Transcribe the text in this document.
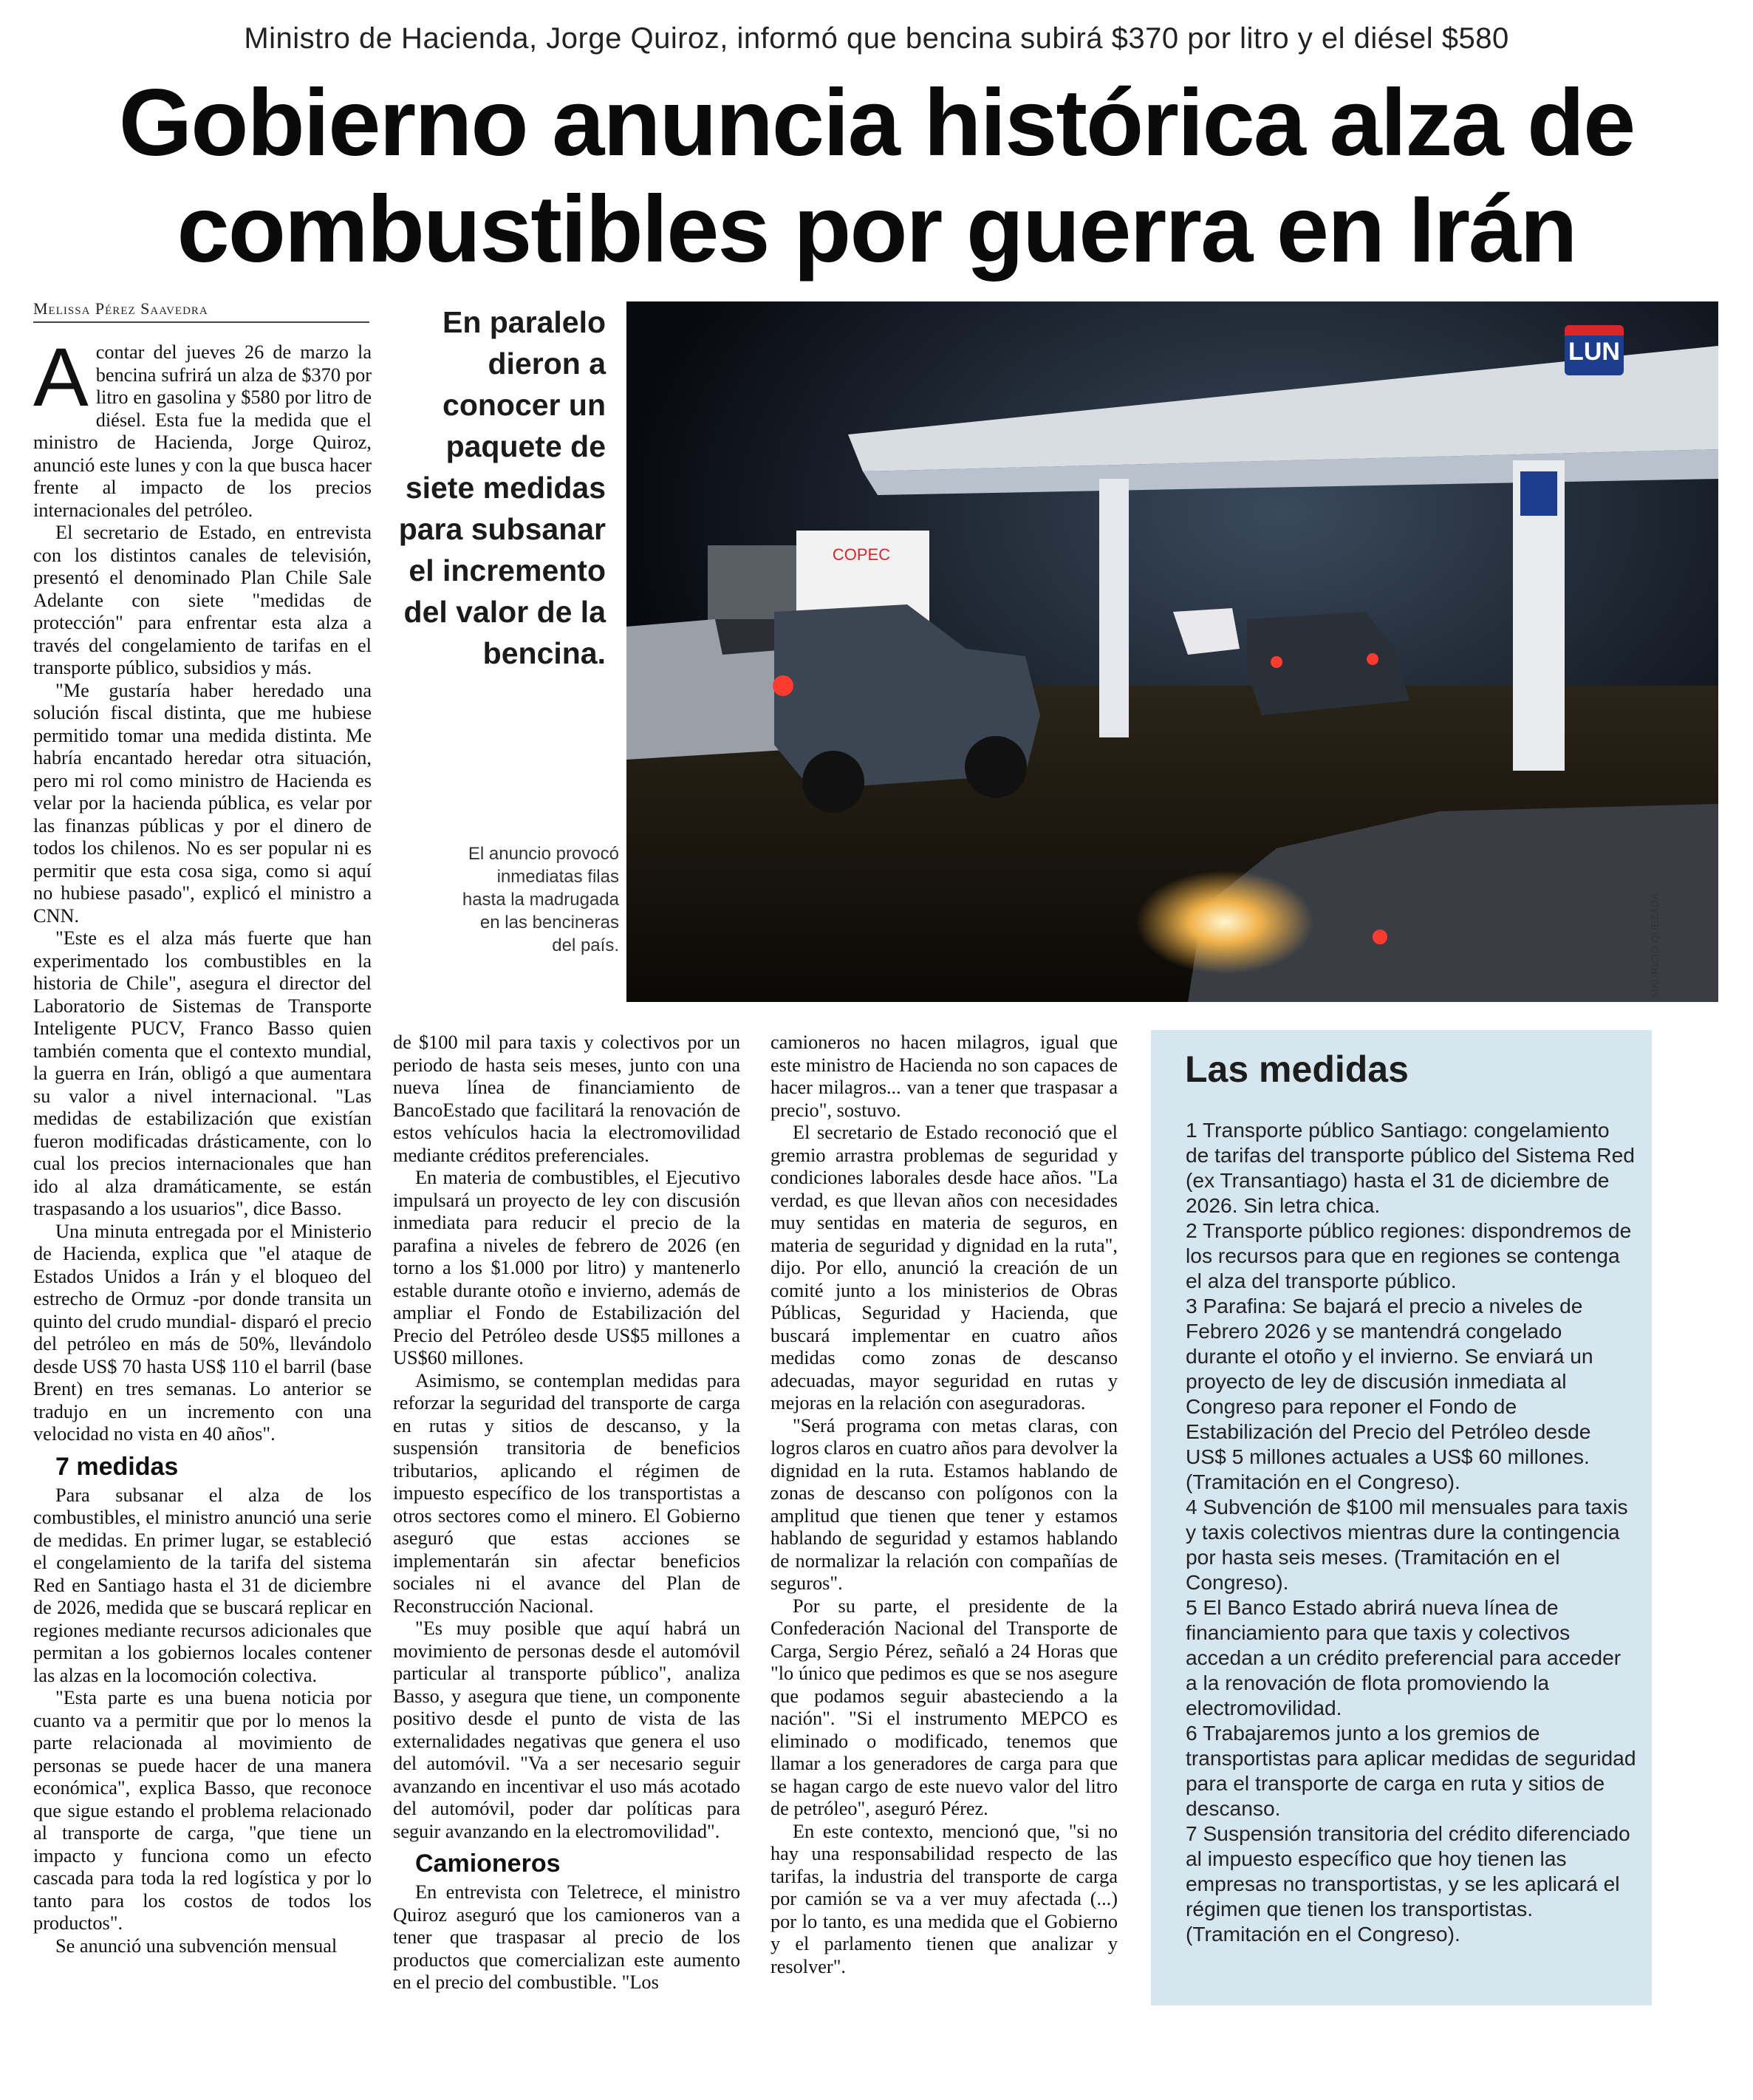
Ministro de Hacienda, Jorge Quiroz, informó que bencina subirá $370 por litro y el diésel $580
Gobierno anuncia histórica alza de
combustibles por guerra en Irán
Melissa Pérez Saavedra
A contar del jueves 26 de marzo la bencina sufrirá un alza de $370 por litro en gasolina y $580 por litro de diésel. Esta fue la medida que el ministro de Hacienda, Jorge Quiroz, anunció este lunes y con la que busca hacer frente al impacto de los precios internacionales del petróleo.

El secretario de Estado, en entrevista con los distintos canales de televisión, presentó el denominado Plan Chile Sale Adelante con siete "medidas de protección" para enfrentar esta alza a través del congelamiento de tarifas en el transporte público, subsidios y más.

"Me gustaría haber heredado una solución fiscal distinta, que me hubiese permitido tomar una medida distinta. Me habría encantado heredar otra situación, pero mi rol como ministro de Hacienda es velar por la hacienda pública, es velar por las finanzas públicas y por el dinero de todos los chilenos. No es ser popular ni es permitir que esta cosa siga, como si aquí no hubiese pasado", explicó el ministro a CNN.

"Este es el alza más fuerte que han experimentado los combustibles en la historia de Chile", asegura el director del Laboratorio de Sistemas de Transporte Inteligente PUCV, Franco Basso quien también comenta que el contexto mundial, la guerra en Irán, obligó a que aumentara su valor a nivel internacional. "Las medidas de estabilización que existían fueron modificadas drásticamente, con lo cual los precios internacionales que han ido al alza dramáticamente, se están traspasando a los usuarios", dice Basso.

Una minuta entregada por el Ministerio de Hacienda, explica que "el ataque de Estados Unidos a Irán y el bloqueo del estrecho de Ormuz -por donde transita un quinto del crudo mundial- disparó el precio del petróleo en más de 50%, llevándolo desde US$ 70 hasta US$ 110 el barril (base Brent) en tres semanas. Lo anterior se tradujo en un incremento con una velocidad no vista en 40 años".

7 medidas

Para subsanar el alza de los combustibles, el ministro anunció una serie de medidas. En primer lugar, se estableció el congelamiento de la tarifa del sistema Red en Santiago hasta el 31 de diciembre de 2026, medida que se buscará replicar en regiones mediante recursos adicionales que permitan a los gobiernos locales contener las alzas en la locomoción colectiva.

"Esta parte es una buena noticia por cuanto va a permitir que por lo menos la parte relacionada al movimiento de personas se puede hacer de una manera económica", explica Basso, que reconoce que sigue estando el problema relacionado al transporte de carga, "que tiene un impacto y funciona como un efecto cascada para toda la red logística y por lo tanto para los costos de todos los productos".

Se anunció una subvención mensual

En paralelo dieron a conocer un paquete de siete medidas para subsanar el incremento del valor de la bencina.
COPEC
LUN
MAURICIO QUEZADA
El anuncio provocó inmediatas filas hasta la madrugada en las bencineras del país.

de $100 mil para taxis y colectivos por un periodo de hasta seis meses, junto con una nueva línea de financiamiento de BancoEstado que facilitará la renovación de estos vehículos hacia la electromovilidad mediante créditos preferenciales.

En materia de combustibles, el Ejecutivo impulsará un proyecto de ley con discusión inmediata para reducir el precio de la parafina a niveles de febrero de 2026 (en torno a los $1.000 por litro) y mantenerlo estable durante otoño e invierno, además de ampliar el Fondo de Estabilización del Precio del Petróleo desde US$5 millones a US$60 millones.

Asimismo, se contemplan medidas para reforzar la seguridad del transporte de carga en rutas y sitios de descanso, y la suspensión transitoria de beneficios tributarios, aplicando el régimen de impuesto específico de los transportistas a otros sectores como el minero. El Gobierno aseguró que estas acciones se implementarán sin afectar beneficios sociales ni el avance del Plan de Reconstrucción Nacional.

"Es muy posible que aquí habrá un movimiento de personas desde el automóvil particular al transporte público", analiza Basso, y asegura que tiene, un componente positivo desde el punto de vista de las externalidades negativas que genera el uso del automóvil. "Va a ser necesario seguir avanzando en incentivar el uso más acotado del automóvil, poder dar políticas para seguir avanzando en la electromovilidad".

Camioneros

En entrevista con Teletrece, el ministro Quiroz aseguró que los camioneros van a tener que traspasar al precio de los productos que comercializan este aumento en el precio del combustible. "Los

camioneros no hacen milagros, igual que este ministro de Hacienda no son capaces de hacer milagros... van a tener que traspasar a precio", sostuvo.

El secretario de Estado reconoció que el gremio arrastra problemas de seguridad y condiciones laborales desde hace años. "La verdad, es que llevan años con necesidades muy sentidas en materia de seguros, en materia de seguridad y dignidad en la ruta", dijo. Por ello, anunció la creación de un comité junto a los ministerios de Obras Públicas, Seguridad y Hacienda, que buscará implementar en cuatro años medidas como zonas de descanso adecuadas, mayor seguridad en rutas y mejoras en la relación con aseguradoras.

"Será programa con metas claras, con logros claros en cuatro años para devolver la dignidad en la ruta. Estamos hablando de zonas de descanso con polígonos con la amplitud que tienen que tener y estamos hablando de seguridad y estamos hablando de normalizar la relación con compañías de seguros".

Por su parte, el presidente de la Confederación Nacional del Transporte de Carga, Sergio Pérez, señaló a 24 Horas que "lo único que pedimos es que se nos asegure que podamos seguir abasteciendo a la nación". "Si el instrumento MEPCO es eliminado o modificado, tenemos que llamar a los generadores de carga para que se hagan cargo de este nuevo valor del litro de petróleo", aseguró Pérez.

En este contexto, mencionó que, "si no hay una responsabilidad respecto de las tarifas, la industria del transporte de carga por camión se va a ver muy afectada (...) por lo tanto, es una medida que el Gobierno y el parlamento tienen que analizar y resolver".

Las medidas
1 Transporte público Santiago: congelamiento de tarifas del transporte público del Sistema Red (ex Transantiago) hasta el 31 de diciembre de 2026. Sin letra chica.
2 Transporte público regiones: dispondremos de los recursos para que en regiones se contenga el alza del transporte público.
3 Parafina: Se bajará el precio a niveles de Febrero 2026 y se mantendrá congelado durante el otoño y el invierno. Se enviará un proyecto de ley de discusión inmediata al Congreso para reponer el Fondo de Estabilización del Precio del Petróleo desde US$ 5 millones actuales a US$ 60 millones. (Tramitación en el Congreso).
4 Subvención de $100 mil mensuales para taxis y taxis colectivos mientras dure la contingencia por hasta seis meses. (Tramitación en el Congreso).
5 El Banco Estado abrirá nueva línea de financiamiento para que taxis y colectivos accedan a un crédito preferencial para acceder a la renovación de flota promoviendo la electromovilidad.
6 Trabajaremos junto a los gremios de transportistas para aplicar medidas de seguridad para el transporte de carga en ruta y sitios de descanso.
7 Suspensión transitoria del crédito diferenciado al impuesto específico que hoy tienen las empresas no transportistas, y se les aplicará el régimen que tienen los transportistas. (Tramitación en el Congreso).
